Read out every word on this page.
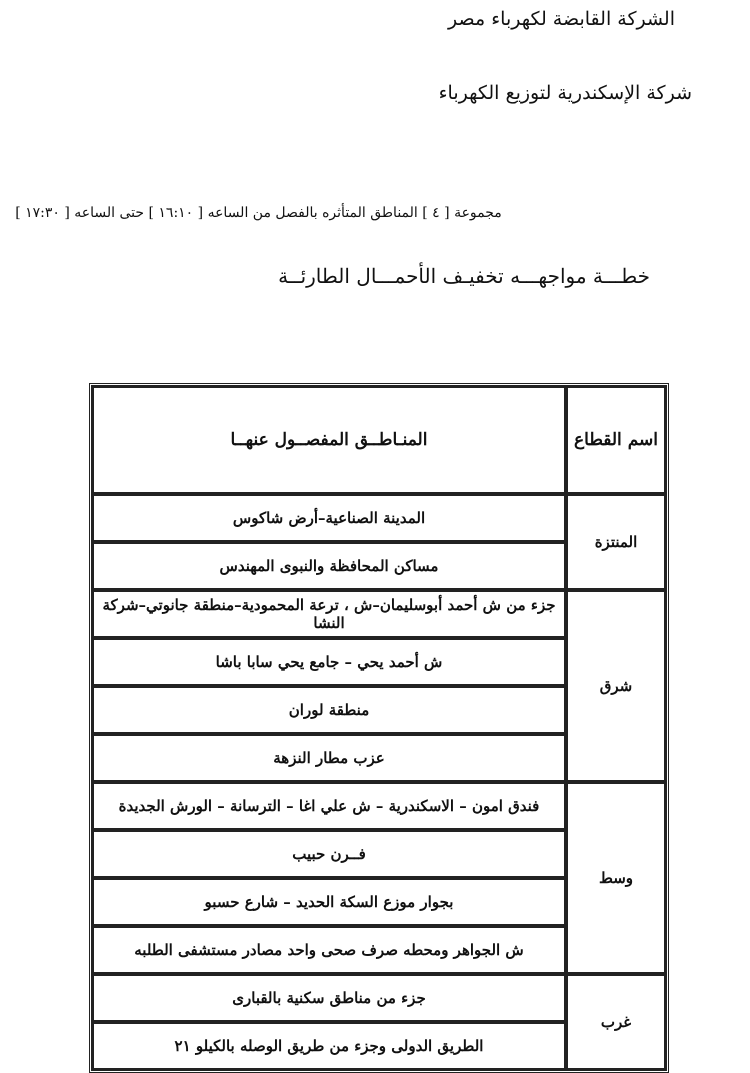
الشركة القابضة لكهرباء مصر
شركة الإسكندرية لتوزيع الكهرباء
مجموعة [ ٤ ] المناطق المتأثره بالفصل من الساعه [ ١٦:١٠ ] حتى الساعه [ ١٧:٣٠ ]
خطـــة مواجهـــه تخفيـف الأحمـــال الطارئــة
اسم القطاع	المنـاطــق المفصــول عنهــا
المنتزة	المدينة الصناعية–أرض شاكوس
	مساكن المحافظة والنبوى المهندس
شرق	جزء من ش أحمد أبوسليمان–ش ، ترعة المحمودية–منطقة جانوتي–شركة النشا
	ش أحمد يحي – جامع يحي سابا باشا
	منطقة لوران
	عزب مطار النزهة
وسط	فندق امون – الاسكندرية – ش علي اغا – الترسانة – الورش الجديدة
	فــرن حبيب
	بجوار موزع السكة الحديد – شارع حسبو
	ش الجواهر ومحطه صرف صحى واحد مصادر مستشفى الطلبه
غرب	جزء من مناطق سكنية بالقبارى
	الطريق الدولى وجزء من طريق الوصله بالكيلو ٢١
